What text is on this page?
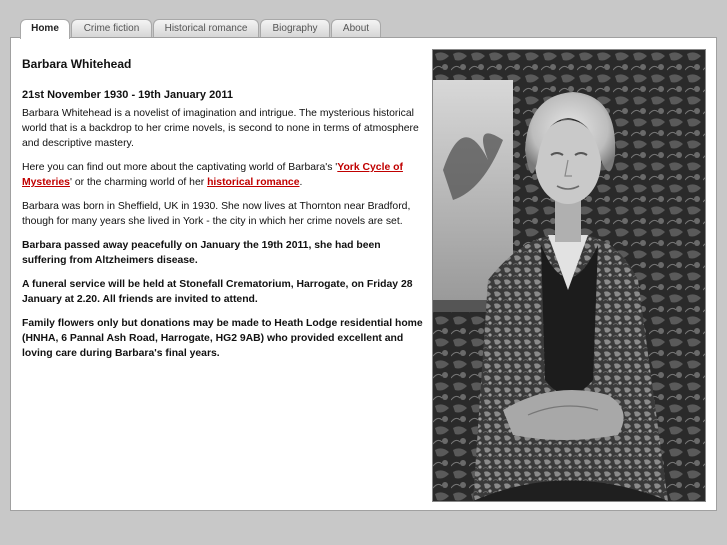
Home	Crime fiction	Historical romance	Biography	About
Barbara Whitehead
21st November 1930 - 19th January 2011

Barbara Whitehead is a novelist of imagination and intrigue. The mysterious historical world that is a backdrop to her crime novels, is second to none in terms of atmosphere and descriptive mastery.

Here you can find out more about the captivating world of Barbara's 'York Cycle of Mysteries' or the charming world of her historical romance.

Barbara was born in Sheffield, UK in 1930. She now lives at Thornton near Bradford, though for many years she lived in York - the city in which her crime novels are set.

Barbara passed away peacefully on January the 19th 2011, she had been suffering from Altzheimers disease.

A funeral service will be held at Stonefall Crematorium, Harrogate, on Friday 28 January at 2.20. All friends are invited to attend.

Family flowers only but donations may be made to Heath Lodge residential home (HNHA, 6 Pannal Ash Road, Harrogate, HG2 9AB) who provided excellent and loving care during Barbara's final years.
